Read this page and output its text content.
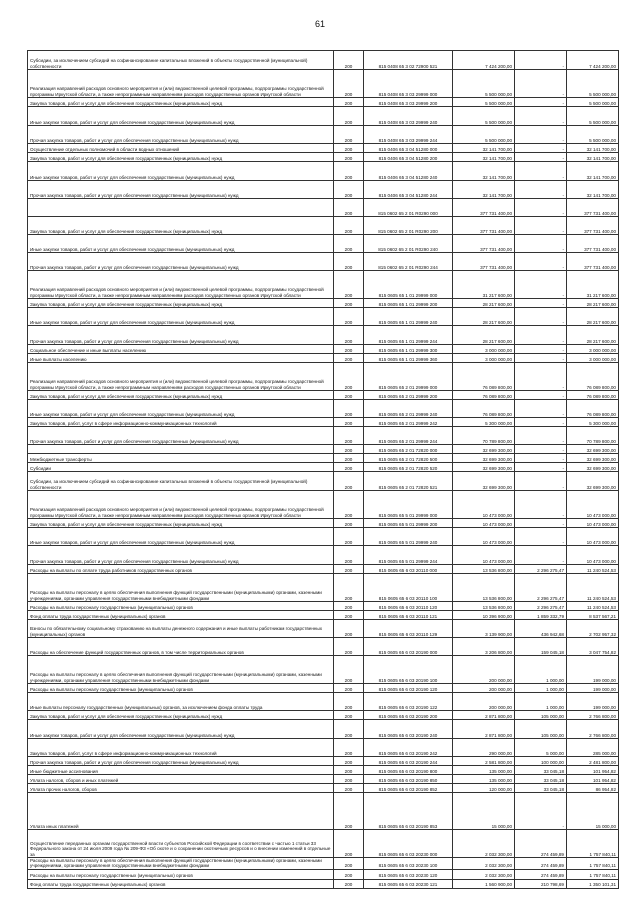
61
Субсидии, за исключением субсидий на софинансирование капитальных вложений в объекты государственной (муниципальной) собственности	200	815 0408 65 3 02 72900 521	7 424 200,00	-	7 424 200,00
Реализация направлений расходов основного мероприятия и (или) ведомственной целевой программы, подпрограммы государственной программы Иркутской области, а также непрограммным направлениям расходов государственных органов Иркутской области	200	815 0408 65 3 03 29999 000	5 500 000,00	-	5 500 000,00
Закупка товаров, работ и услуг для обеспечения государственных (муниципальных) нужд	200	815 0408 65 3 03 29999 200	5 500 000,00	-	5 500 000,00
Иные закупки товаров, работ и услуг для обеспечения государственных (муниципальных) нужд	200	815 0408 65 3 03 29999 240	5 500 000,00	-	5 500 000,00
Прочая закупка товаров, работ и услуг для обеспечения государственных (муниципальных) нужд	200	815 0408 65 3 03 29999 244	5 500 000,00	-	5 500 000,00
Осуществление отдельных полномочий в области водных отношений	200	815 0406 65 3 04 51280 000	32 141 700,00	-	32 141 700,00
Закупка товаров, работ и услуг для обеспечения государственных (муниципальных) нужд	200	815 0406 65 3 04 51280 200	32 141 700,00	-	32 141 700,00
Иные закупки товаров, работ и услуг для обеспечения государственных (муниципальных) нужд	200	815 0406 65 3 04 51280 240	32 141 700,00	-	32 141 700,00
Прочая закупка товаров, работ и услуг для обеспечения государственных (муниципальных) нужд	200	815 0406 65 3 04 51280 244	32 141 700,00	-	32 141 700,00
	200	815 0602 65 2 01 R0290 000	377 731 400,00	-	377 731 400,00
Закупка товаров, работ и услуг для обеспечения государственных (муниципальных) нужд	200	815 0602 65 2 01 R0290 200	377 731 400,00	-	377 731 400,00
Иные закупки товаров, работ и услуг для обеспечения государственных (муниципальных) нужд	200	815 0602 65 2 01 R0290 240	377 731 400,00	-	377 731 400,00
Прочая закупка товаров, работ и услуг для обеспечения государственных (муниципальных) нужд	200	815 0602 65 2 01 R0290 244	377 731 400,00	-	377 731 400,00
Реализация направлений расходов основного мероприятия и (или) ведомственной целевой программы, подпрограммы государственной программы Иркутской области, а также непрограммным направлениям расходов государственных органов Иркутской области	200	815 0605 65 1 01 29999 000	31 217 600,00	-	31 217 600,00
Закупка товаров, работ и услуг для обеспечения государственных (муниципальных) нужд	200	815 0605 65 1 01 29999 200	28 217 600,00	-	28 217 600,00
Иные закупки товаров, работ и услуг для обеспечения государственных (муниципальных) нужд	200	815 0605 65 1 01 29999 240	28 217 600,00	-	28 217 600,00
Прочая закупка товаров, работ и услуг для обеспечения государственных (муниципальных) нужд	200	815 0605 65 1 01 29999 244	28 217 600,00	-	28 217 600,00
Социальное обеспечение и иные выплаты населению	200	815 0605 65 1 01 29999 300	3 000 000,00	-	3 000 000,00
Иные выплаты населению	200	815 0605 65 1 01 29999 360	3 000 000,00	-	3 000 000,00
Реализация направлений расходов основного мероприятия и (или) ведомственной целевой программы, подпрограммы государственной программы Иркутской области, а также непрограммным направлениям расходов государственных органов Иркутской области	200	815 0605 65 2 01 29999 000	76 089 800,00	-	76 089 800,00
Закупка товаров, работ и услуг для обеспечения государственных (муниципальных) нужд	200	815 0605 65 2 01 29999 200	76 089 800,00	-	76 089 800,00
Иные закупки товаров, работ и услуг для обеспечения государственных (муниципальных) нужд	200	815 0605 65 2 01 29999 240	76 089 800,00	-	76 089 800,00
Закупка товаров, работ, услуг в сфере информационно-коммуникационных технологий	200	815 0605 65 2 01 29999 242	5 300 000,00	-	5 300 000,00
Прочая закупка товаров, работ и услуг для обеспечения государственных (муниципальных) нужд	200	815 0605 65 2 01 29999 244	70 789 800,00	-	70 789 800,00
	200	815 0605 65 2 01 72820 000	32 699 300,00	-	32 699 300,00
Межбюджетные трансферты	200	815 0605 65 2 01 72820 500	32 699 300,00	-	32 699 300,00
Субсидии	200	815 0605 65 2 01 72820 520	32 699 300,00	-	32 699 300,00
Субсидии, за исключением субсидий на софинансирование капитальных вложений в объекты государственной (муниципальной) собственности	200	815 0605 65 2 01 72820 521	32 699 300,00	-	32 699 300,00
Реализация направлений расходов основного мероприятия и (или) ведомственной целевой программы, подпрограммы государственной программы Иркутской области, а также непрограммным направлениям расходов государственных органов Иркутской области	200	815 0605 65 5 01 29999 000	10 473 000,00	-	10 473 000,00
Закупка товаров, работ и услуг для обеспечения государственных (муниципальных) нужд	200	815 0605 65 5 01 29999 200	10 473 000,00	-	10 473 000,00
Иные закупки товаров, работ и услуг для обеспечения государственных (муниципальных) нужд	200	815 0605 65 5 01 29999 240	10 473 000,00	-	10 473 000,00
Прочая закупка товаров, работ и услуг для обеспечения государственных (муниципальных) нужд	200	815 0605 65 5 01 29999 244	10 473 000,00	-	10 473 000,00
Расходы на выплаты по оплате труда работников государственных органов	200	815 0605 65 6 03 20110 000	13 536 800,00	2 296 275,47	11 240 524,53
Расходы на выплаты персоналу в целях обеспечения выполнения функций государственными (муниципальными) органами, казенными учреждениями, органами управления государственными внебюджетными фондами	200	815 0605 65 6 03 20110 100	13 536 800,00	2 296 275,47	11 240 524,53
Расходы на выплаты персоналу государственных (муниципальных) органов	200	815 0605 65 6 03 20110 120	13 536 800,00	2 296 275,47	11 240 524,53
Фонд оплаты труда государственных (муниципальных) органов	200	815 0605 65 6 03 20110 121	10 396 900,00	1 859 332,79	8 537 567,21
Взносы по обязательному социальному страхованию на выплаты денежного содержания и иные выплаты работникам государственных (муниципальных) органов	200	815 0605 65 6 03 20110 129	3 139 900,00	436 942,68	2 702 957,32
Расходы на обеспечение функций государственных органов, в том числе территориальных органов	200	815 0605 65 6 03 20190 000	3 206 800,00	159 045,18	3 047 754,82
Расходы на выплаты персоналу в целях обеспечения выполнения функций государственными (муниципальными) органами, казенными учреждениями, органами управления государственными внебюджетными фондами	200	815 0605 65 6 03 20190 100	200 000,00	1 000,00	199 000,00
Расходы на выплаты персоналу государственных (муниципальных) органов	200	815 0605 65 6 03 20190 120	200 000,00	1 000,00	199 000,00
Иные выплаты персоналу государственных (муниципальных) органов, за исключением фонда оплаты труда	200	815 0605 65 6 03 20190 122	200 000,00	1 000,00	199 000,00
Закупка товаров, работ и услуг для обеспечения государственных (муниципальных) нужд	200	815 0605 65 6 03 20190 200	2 871 800,00	105 000,00	2 766 800,00
Иные закупки товаров, работ и услуг для обеспечения государственных (муниципальных) нужд	200	815 0605 65 6 03 20190 240	2 871 800,00	105 000,00	2 766 800,00
Закупка товаров, работ, услуг в сфере информационно-коммуникационных технологий	200	815 0605 65 6 03 20190 242	290 000,00	5 000,00	285 000,00
Прочая закупка товаров, работ и услуг для обеспечения государственных (муниципальных) нужд	200	815 0605 65 6 03 20190 244	2 581 800,00	100 000,00	2 481 800,00
Иные бюджетные ассигнования	200	815 0605 65 6 03 20190 800	135 000,00	33 045,18	101 954,82
Уплата налогов, сборов и иных платежей	200	815 0605 65 6 03 20190 850	135 000,00	33 045,18	101 954,82
Уплата прочих налогов, сборов	200	815 0605 65 6 03 20190 852	120 000,00	33 045,18	86 954,82
Уплата иных платежей	200	815 0605 65 6 03 20190 853	15 000,00	-	15 000,00
Осуществление переданных органам государственной власти субъектов Российской Федерации в соответствии с частью 1 статьи 33 Федерального закона от 24 июля 2009 года № 209-ФЗ «Об охоте и о сохранении охотничьих ресурсов и о внесении изменений в отдельные за	200	815 0605 65 6 03 20230 000	2 032 300,00	274 459,89	1 757 840,11
Расходы на выплаты персоналу в целях обеспечения выполнения функций государственными (муниципальными) органами, казенными учреждениями, органами управления государственными внебюджетными фондами	200	815 0605 65 6 03 20230 100	2 032 300,00	274 459,89	1 757 840,11
Расходы на выплаты персоналу государственных (муниципальных) органов	200	815 0605 65 6 03 20230 120	2 032 300,00	274 459,89	1 757 840,11
Фонд оплаты труда государственных (муниципальных) органов	200	815 0605 65 6 03 20230 121	1 560 900,00	210 798,69	1 350 101,31
